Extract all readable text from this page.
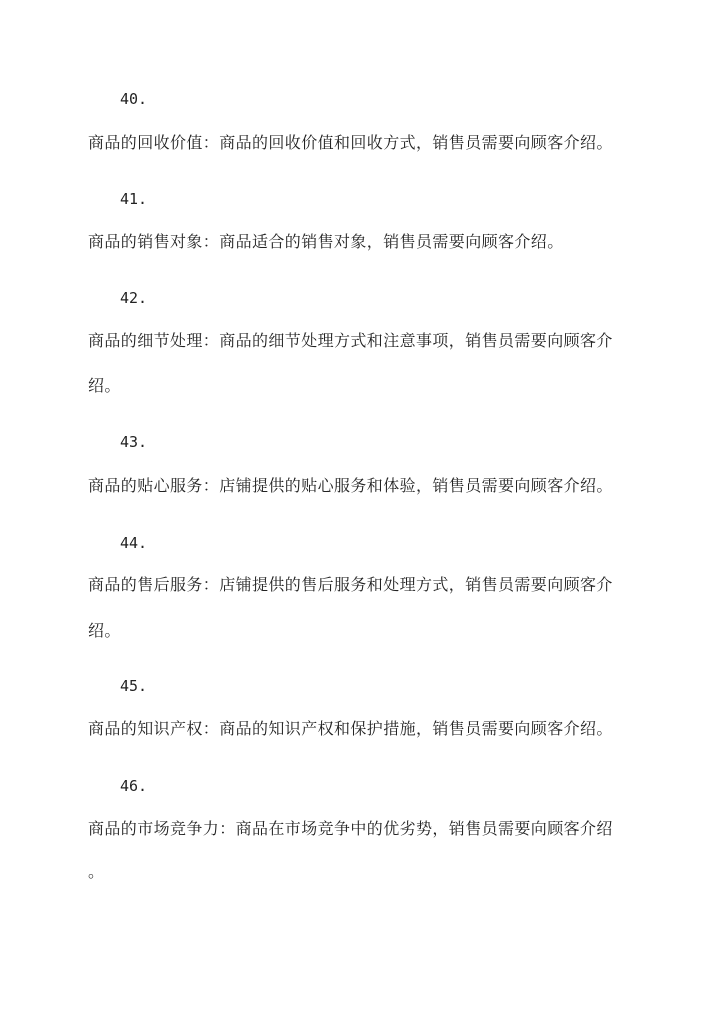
40.
商品的回收价值：商品的回收价值和回收方式，销售员需要向顾客介绍。
41.
商品的销售对象：商品适合的销售对象，销售员需要向顾客介绍。
42.
商品的细节处理：商品的细节处理方式和注意事项，销售员需要向顾客介
绍。
43.
商品的贴心服务：店铺提供的贴心服务和体验，销售员需要向顾客介绍。
44.
商品的售后服务：店铺提供的售后服务和处理方式，销售员需要向顾客介
绍。
45.
商品的知识产权：商品的知识产权和保护措施，销售员需要向顾客介绍。
46.
商品的市场竞争力：商品在市场竞争中的优劣势，销售员需要向顾客介绍
。
